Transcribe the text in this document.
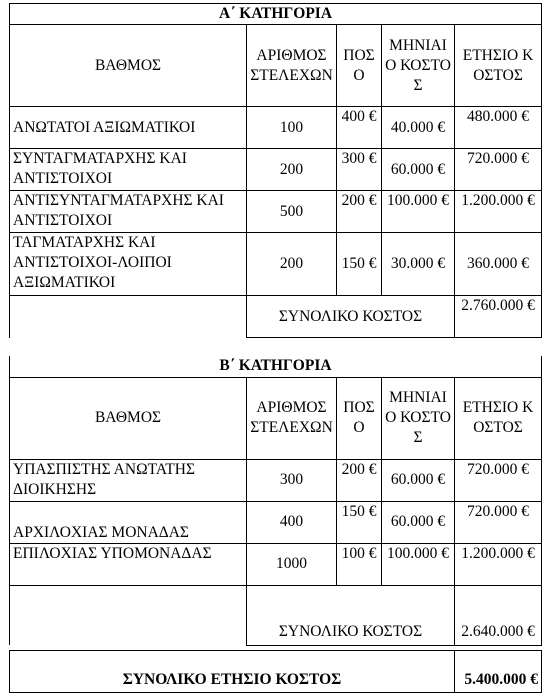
Α΄ ΚΑΤΗΓΟΡΙΑ				
ΒΑΘΜΟΣ	ΑΡΙΘΜΟΣ ΣΤΕΛΕΧΩΝ	ΠΟΣΟ	ΜΗΝΙΑΙΟ ΚΟΣΤΟΣ	ΕΤΗΣΙΟ ΚΟΣΤΟΣ
ΑΝΩΤΑΤΟΙ ΑΞΙΩΜΑΤΙΚΟΙ	100	400 €	40.000 €	480.000 €
ΣΥΝΤΑΓΜΑΤΑΡΧΗΣ ΚΑΙ ΑΝΤΙΣΤΟΙΧΟΙ	200	300 €	60.000 €	720.000 €
ΑΝΤΙΣΥΝΤΑΓΜΑΤΑΡΧΗΣ ΚΑΙ ΑΝΤΙΣΤΟΙΧΟΙ	500	200 €	100.000 €	1.200.000 €
ΤΑΓΜΑΤΑΡΧΗΣ ΚΑΙ ΑΝΤΙΣΤΟΙΧΟΙ-ΛΟΙΠΟΙ ΑΞΙΩΜΑΤΙΚΟΙ	200	150 €	30.000 €	360.000 €
	ΣΥΝΟΛΙΚΟ ΚΟΣΤΟΣ			2.760.000 €
Β΄ ΚΑΤΗΓΟΡΙΑ				
ΒΑΘΜΟΣ	ΑΡΙΘΜΟΣ ΣΤΕΛΕΧΩΝ	ΠΟΣΟ	ΜΗΝΙΑΙΟ ΚΟΣΤΟΣ	ΕΤΗΣΙΟ ΚΟΣΤΟΣ
ΥΠΑΣΠΙΣΤΗΣ ΑΝΩΤΑΤΗΣ ΔΙΟΙΚΗΣΗΣ	300	200 €	60.000 €	720.000 €
ΑΡΧΙΛΟΧΙΑΣ ΜΟΝΑΔΑΣ	400	150 €	60.000 €	720.000 €
ΕΠΙΛΟΧΙΑΣ ΥΠΟΜΟΝΑΔΑΣ	1000	100 €	100.000 €	1.200.000 €
	ΣΥΝΟΛΙΚΟ ΚΟΣΤΟΣ			2.640.000 €
ΣΥΝΟΛΙΚΟ ΕΤΗΣΙΟ ΚΟΣΤΟΣ	5.400.000 €
